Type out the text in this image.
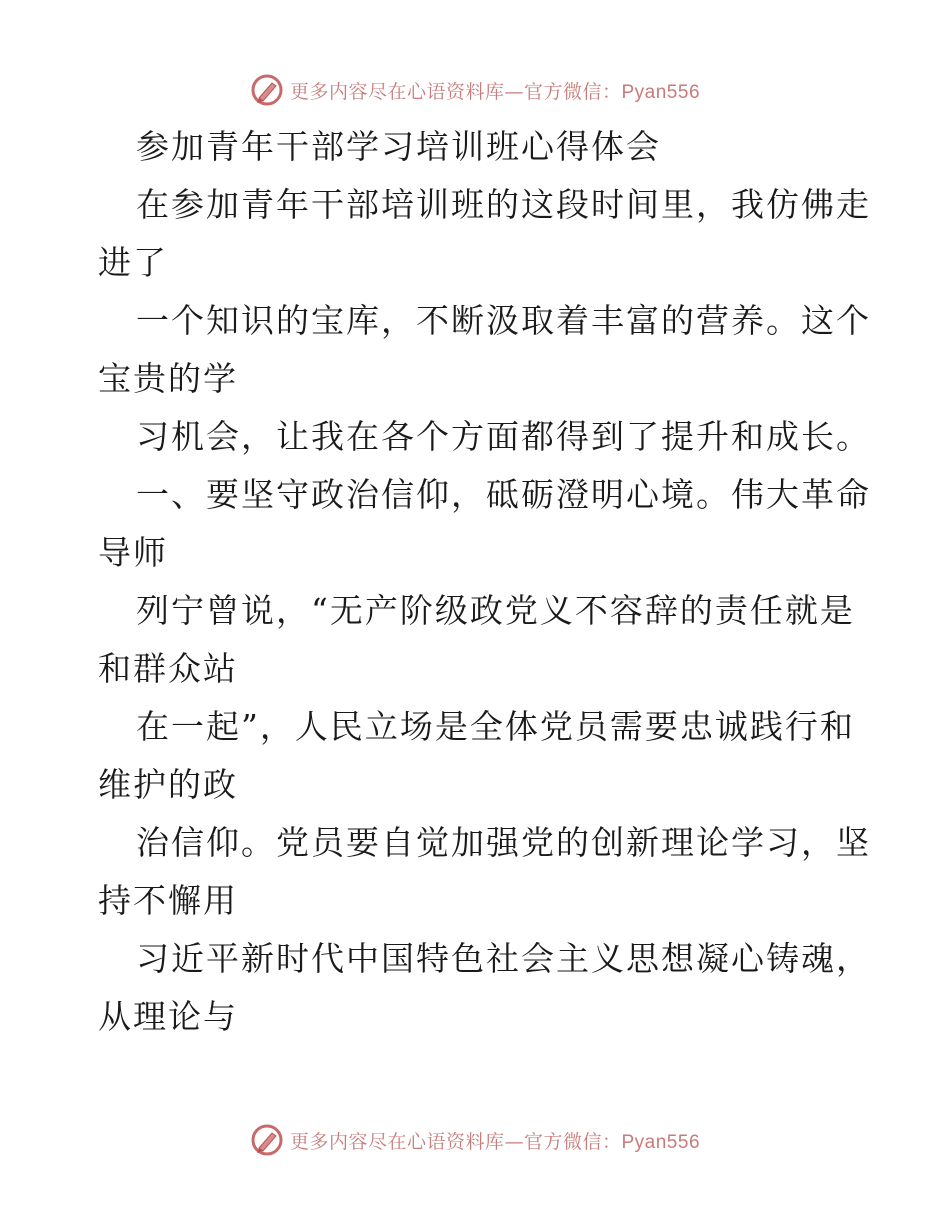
更多内容尽在心语资料库—官方微信：Pyan556
参加青年干部学习培训班心得体会
在参加青年干部培训班的这段时间里，我仿佛走
进了
一个知识的宝库，不断汲取着丰富的营养。这个
宝贵的学
习机会，让我在各个方面都得到了提升和成长。
一、要坚守政治信仰，砥砺澄明心境。伟大革命
导师
列宁曾说，“无产阶级政党义不容辞的责任就是
和群众站
在一起”，人民立场是全体党员需要忠诚践行和
维护的政
治信仰。党员要自觉加强党的创新理论学习，坚
持不懈用
习近平新时代中国特色社会主义思想凝心铸魂，
从理论与
更多内容尽在心语资料库—官方微信：Pyan556
